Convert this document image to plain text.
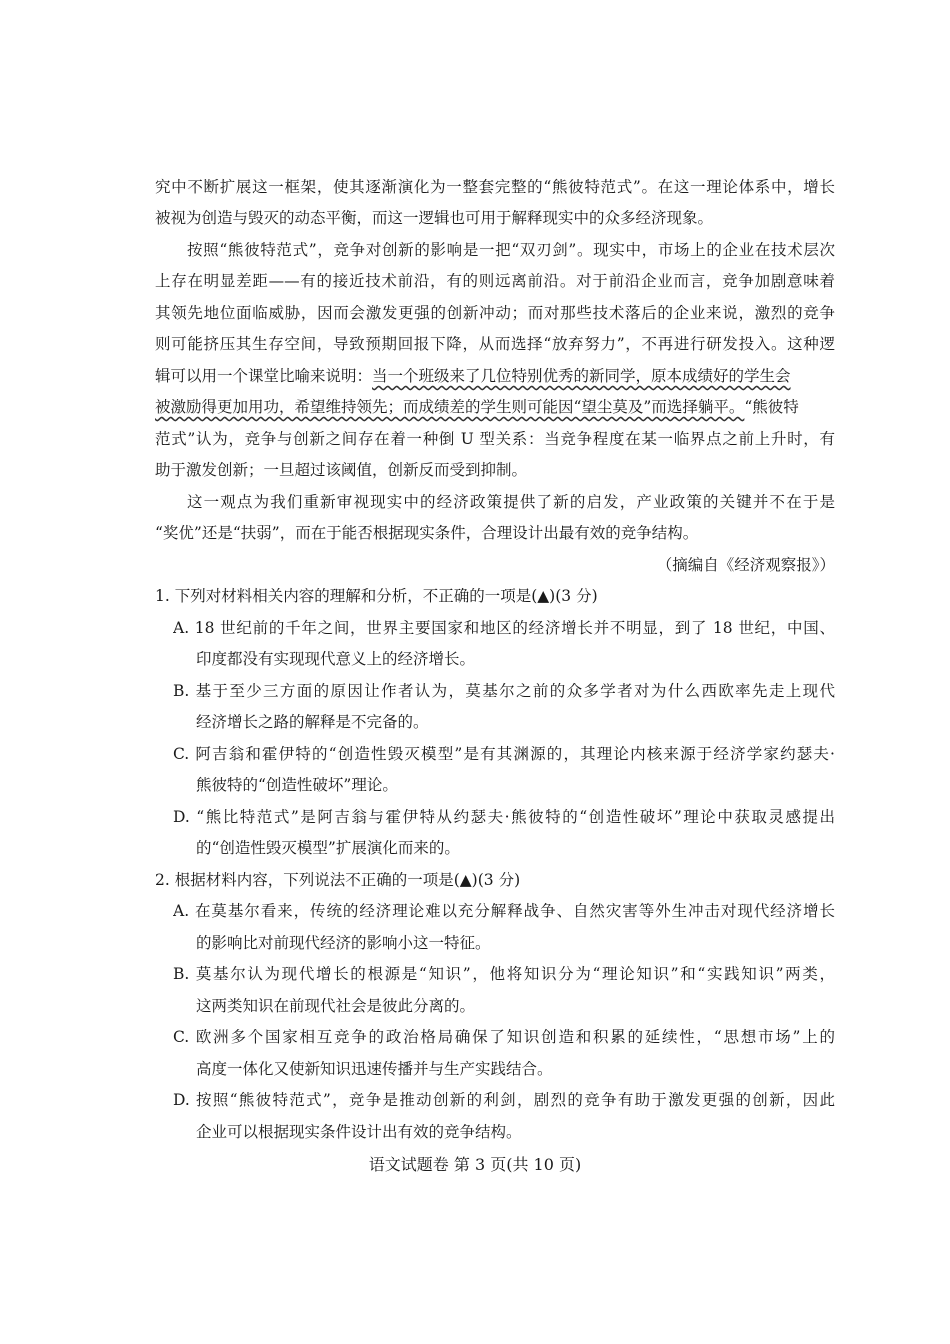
究中不断扩展这一框架，使其逐渐演化为一整套完整的“熊彼特范式”。在这一理论体系中，增长
被视为创造与毁灭的动态平衡，而这一逻辑也可用于解释现实中的众多经济现象。
按照“熊彼特范式”，竞争对创新的影响是一把“双刃剑”。现实中，市场上的企业在技术层次
上存在明显差距——有的接近技术前沿，有的则远离前沿。对于前沿企业而言，竞争加剧意味着
其领先地位面临威胁，因而会激发更强的创新冲动；而对那些技术落后的企业来说，激烈的竞争
则可能挤压其生存空间，导致预期回报下降，从而选择“放弃努力”，不再进行研发投入。这种逻
辑可以用一个课堂比喻来说明：当一个班级来了几位特别优秀的新同学，原本成绩好的学生会
被激励得更加用功，希望维持领先；而成绩差的学生则可能因“望尘莫及”而选择躺平。“熊彼特
范式”认为，竞争与创新之间存在着一种倒 U 型关系：当竞争程度在某一临界点之前上升时，有
助于激发创新；一旦超过该阈值，创新反而受到抑制。
这一观点为我们重新审视现实中的经济政策提供了新的启发，产业政策的关键并不在于是
“奖优”还是“扶弱”，而在于能否根据现实条件，合理设计出最有效的竞争结构。
（摘编自《经济观察报》）
1. 下列对材料相关内容的理解和分析，不正确的一项是(▲)(3 分)
A. 18 世纪前的千年之间，世界主要国家和地区的经济增长并不明显，到了 18 世纪，中国、
印度都没有实现现代意义上的经济增长。
B. 基于至少三方面的原因让作者认为，莫基尔之前的众多学者对为什么西欧率先走上现代
经济增长之路的解释是不完备的。
C. 阿吉翁和霍伊特的“创造性毁灭模型”是有其渊源的，其理论内核来源于经济学家约瑟夫·
熊彼特的“创造性破坏”理论。
D. “熊比特范式”是阿吉翁与霍伊特从约瑟夫·熊彼特的“创造性破坏”理论中获取灵感提出
的“创造性毁灭模型”扩展演化而来的。
2. 根据材料内容，下列说法不正确的一项是(▲)(3 分)
A. 在莫基尔看来，传统的经济理论难以充分解释战争、自然灾害等外生冲击对现代经济增长
的影响比对前现代经济的影响小这一特征。
B. 莫基尔认为现代增长的根源是“知识”，他将知识分为“理论知识”和“实践知识”两类，
这两类知识在前现代社会是彼此分离的。
C. 欧洲多个国家相互竞争的政治格局确保了知识创造和积累的延续性，“思想市场”上的
高度一体化又使新知识迅速传播并与生产实践结合。
D. 按照“熊彼特范式”，竞争是推动创新的利剑，剧烈的竞争有助于激发更强的创新，因此
企业可以根据现实条件设计出有效的竞争结构。
语文试题卷 第 3 页(共 10 页)
